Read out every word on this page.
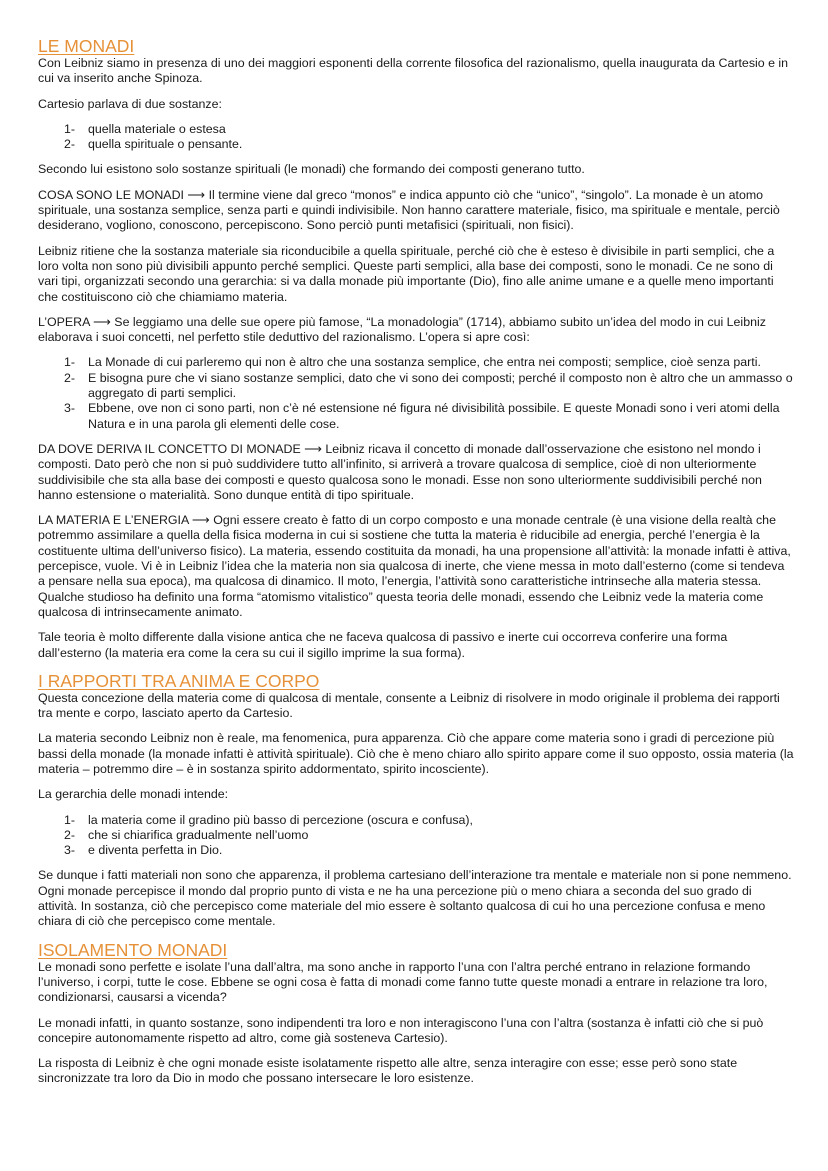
LE MONADI

Con Leibniz siamo in presenza di uno dei maggiori esponenti della corrente filosofica del razionalismo, quella inaugurata da Cartesio e in cui va inserito anche Spinoza.

Cartesio parlava di due sostanze:

1- quella materiale o estesa
2- quella spirituale o pensante.

Secondo lui esistono solo sostanze spirituali (le monadi) che formando dei composti generano tutto.

COSA SONO LE MONADI ⟶ Il termine viene dal greco “monos” e indica appunto ciò che “unico”, “singolo”. La monade è un atomo spirituale, una sostanza semplice, senza parti e quindi indivisibile. Non hanno carattere materiale, fisico, ma spirituale e mentale, perciò desiderano, vogliono, conoscono, percepiscono. Sono perciò punti metafisici (spirituali, non fisici).

Leibniz ritiene che la sostanza materiale sia riconducibile a quella spirituale, perché ciò che è esteso è divisibile in parti semplici, che a loro volta non sono più divisibili appunto perché semplici. Queste parti semplici, alla base dei composti, sono le monadi. Ce ne sono di vari tipi, organizzati secondo una gerarchia: si va dalla monade più importante (Dio), fino alle anime umane e a quelle meno importanti che costituiscono ciò che chiamiamo materia.

L’OPERA ⟶ Se leggiamo una delle sue opere più famose, “La monadologia” (1714), abbiamo subito un’idea del modo in cui Leibniz elaborava i suoi concetti, nel perfetto stile deduttivo del razionalismo. L’opera si apre così:

1- La Monade di cui parleremo qui non è altro che una sostanza semplice, che entra nei composti; semplice, cioè senza parti.
2- E bisogna pure che vi siano sostanze semplici, dato che vi sono dei composti; perché il composto non è altro che un ammasso o aggregato di parti semplici.
3- Ebbene, ove non ci sono parti, non c’è né estensione né figura né divisibilità possibile. E queste Monadi sono i veri atomi della Natura e in una parola gli elementi delle cose.

DA DOVE DERIVA IL CONCETTO DI MONADE ⟶ Leibniz ricava il concetto di monade dall’osservazione che esistono nel mondo i composti. Dato però che non si può suddividere tutto all’infinito, si arriverà a trovare qualcosa di semplice, cioè di non ulteriormente suddivisibile che sta alla base dei composti e questo qualcosa sono le monadi. Esse non sono ulteriormente suddivisibili perché non hanno estensione o materialità. Sono dunque entità di tipo spirituale.

LA MATERIA E L’ENERGIA ⟶ Ogni essere creato è fatto di un corpo composto e una monade centrale (è una visione della realtà che potremmo assimilare a quella della fisica moderna in cui si sostiene che tutta la materia è riducibile ad energia, perché l’energia è la costituente ultima dell’universo fisico). La materia, essendo costituita da monadi, ha una propensione all’attività: la monade infatti è attiva, percepisce, vuole. Vi è in Leibniz l’idea che la materia non sia qualcosa di inerte, che viene messa in moto dall’esterno (come si tendeva a pensare nella sua epoca), ma qualcosa di dinamico. Il moto, l’energia, l’attività sono caratteristiche intrinseche alla materia stessa. Qualche studioso ha definito una forma “atomismo vitalistico” questa teoria delle monadi, essendo che Leibniz vede la materia come qualcosa di intrinsecamente animato.

Tale teoria è molto differente dalla visione antica che ne faceva qualcosa di passivo e inerte cui occorreva conferire una forma dall’esterno (la materia era come la cera su cui il sigillo imprime la sua forma).

I RAPPORTI TRA ANIMA E CORPO

Questa concezione della materia come di qualcosa di mentale, consente a Leibniz di risolvere in modo originale il problema dei rapporti tra mente e corpo, lasciato aperto da Cartesio.

La materia secondo Leibniz non è reale, ma fenomenica, pura apparenza. Ciò che appare come materia sono i gradi di percezione più bassi della monade (la monade infatti è attività spirituale). Ciò che è meno chiaro allo spirito appare come il suo opposto, ossia materia (la materia – potremmo dire – è in sostanza spirito addormentato, spirito incosciente).

La gerarchia delle monadi intende:

1- la materia come il gradino più basso di percezione (oscura e confusa),
2- che si chiarifica gradualmente nell’uomo
3- e diventa perfetta in Dio.

Se dunque i fatti materiali non sono che apparenza, il problema cartesiano dell’interazione tra mentale e materiale non si pone nemmeno. Ogni monade percepisce il mondo dal proprio punto di vista e ne ha una percezione più o meno chiara a seconda del suo grado di attività. In sostanza, ciò che percepisco come materiale del mio essere è soltanto qualcosa di cui ho una percezione confusa e meno chiara di ciò che percepisco come mentale.

ISOLAMENTO MONADI

Le monadi sono perfette e isolate l’una dall’altra, ma sono anche in rapporto l’una con l’altra perché entrano in relazione formando l’universo, i corpi, tutte le cose. Ebbene se ogni cosa è fatta di monadi come fanno tutte queste monadi a entrare in relazione tra loro, condizionarsi, causarsi a vicenda?

Le monadi infatti, in quanto sostanze, sono indipendenti tra loro e non interagiscono l’una con l’altra (sostanza è infatti ciò che si può concepire autonomamente rispetto ad altro, come già sosteneva Cartesio).

La risposta di Leibniz è che ogni monade esiste isolatamente rispetto alle altre, senza interagire con esse; esse però sono state sincronizzate tra loro da Dio in modo che possano intersecare le loro esistenze.
